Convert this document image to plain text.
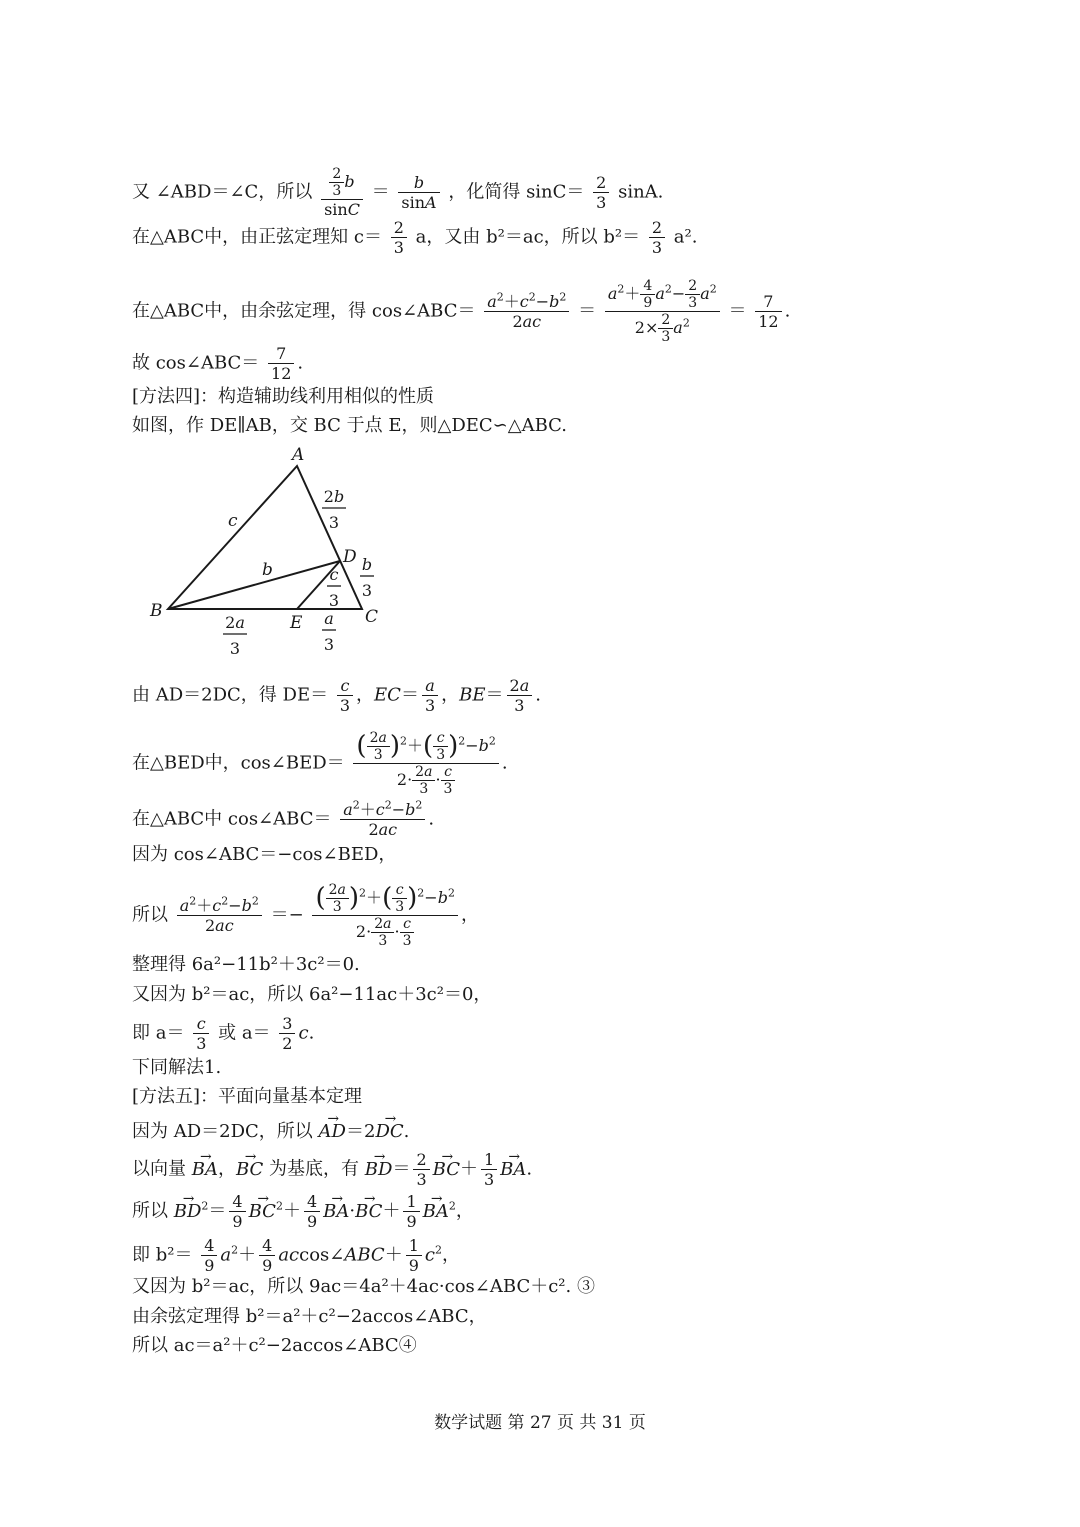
又 ∠ABD＝∠C，所以 $\frac{\frac{2}{3} b}{\sin C} = \frac{b}{\sin A}$ ，化简得 $\sin C= \frac{2}{3} \sin A$.
在△ABC中，由正弦定理知 $c= \frac{2}{3}$ a，又由 b²＝ac，所以 $b^2= \frac{2}{3} a^2$.
在△ABC中，由余弦定理，得 cos∠ABC＝ $\frac{a^2+c^2-b^2}{2ac} = \frac{a^2+ \frac{4}{9} a^2- \frac{2}{3} a^2}{2\times \frac{2}{3} a^2} = \frac{7}{12}$ .
故 cos∠ABC＝ $\frac{7}{12}$ .
[方法四]：构造辅助线利用相似的性质
如图，作 DE∥AB，交 BC 于点 E，则△DEC∽△ABC.
A
B	C
D
E
c
b
2b
3
b
3
c
3
2a
3
a
3
由 AD＝2DC，得 $DE= \frac{c}{3}$ ，$EC= \frac{a}{3}$ ，$BE= \frac{2a}{3}$ .
在△BED中，cos∠BED＝ $\frac{( \frac{2a}{3} )^2+( \frac{c}{3} )^2-b^2}{2\cdot \frac{2a}{3} \cdot \frac{c}{3}}$ .
在△ABC中 cos∠ABC＝ $\frac{a^2+c^2-b^2}{2ac}$ .
因为 cos∠ABC＝−cos∠BED，
所以 $\frac{a^2+c^2-b^2}{2ac} =- \frac{( \frac{2a}{3} )^2+( \frac{c}{3} )^2-b^2}{2\cdot \frac{2a}{3} \cdot \frac{c}{3}}$ ，
整理得 6a²−11b²＋3c²＝0.
又因为 b²＝ac，所以 6a²−11ac＋3c²＝0，
即 $a= \frac{c}{3}$ 或 $a= \frac{3}{2} c$.
下同解法1.
[方法五]：平面向量基本定理
因为 AD＝2DC，所以 AD →＝2DC →.
以向量 BA →，BC → 为基底，有 BD →＝ $\frac{2}{3}$ BC →＋ $\frac{1}{3}$ BA →.
所以 BD $\to^2= \frac{4}{9}$ BC $\to^2+ \frac{4}{9}$ BA $\to\cdot BC \to+ \frac{1}{9}$ BA →$^2$，
即 $b^2= \frac{4}{9} a^2+ \frac{4}{9}$ accos∠ABC＋ $\frac{1}{9} c^2$，
又因为 b²＝ac，所以 9ac＝4a²＋4ac·cos∠ABC＋c². ③
由余弦定理得 b²＝a²＋c²−2accos∠ABC，
所以 ac＝a²＋c²−2accos∠ABC④
数学试题 第 27 页 共 31 页
